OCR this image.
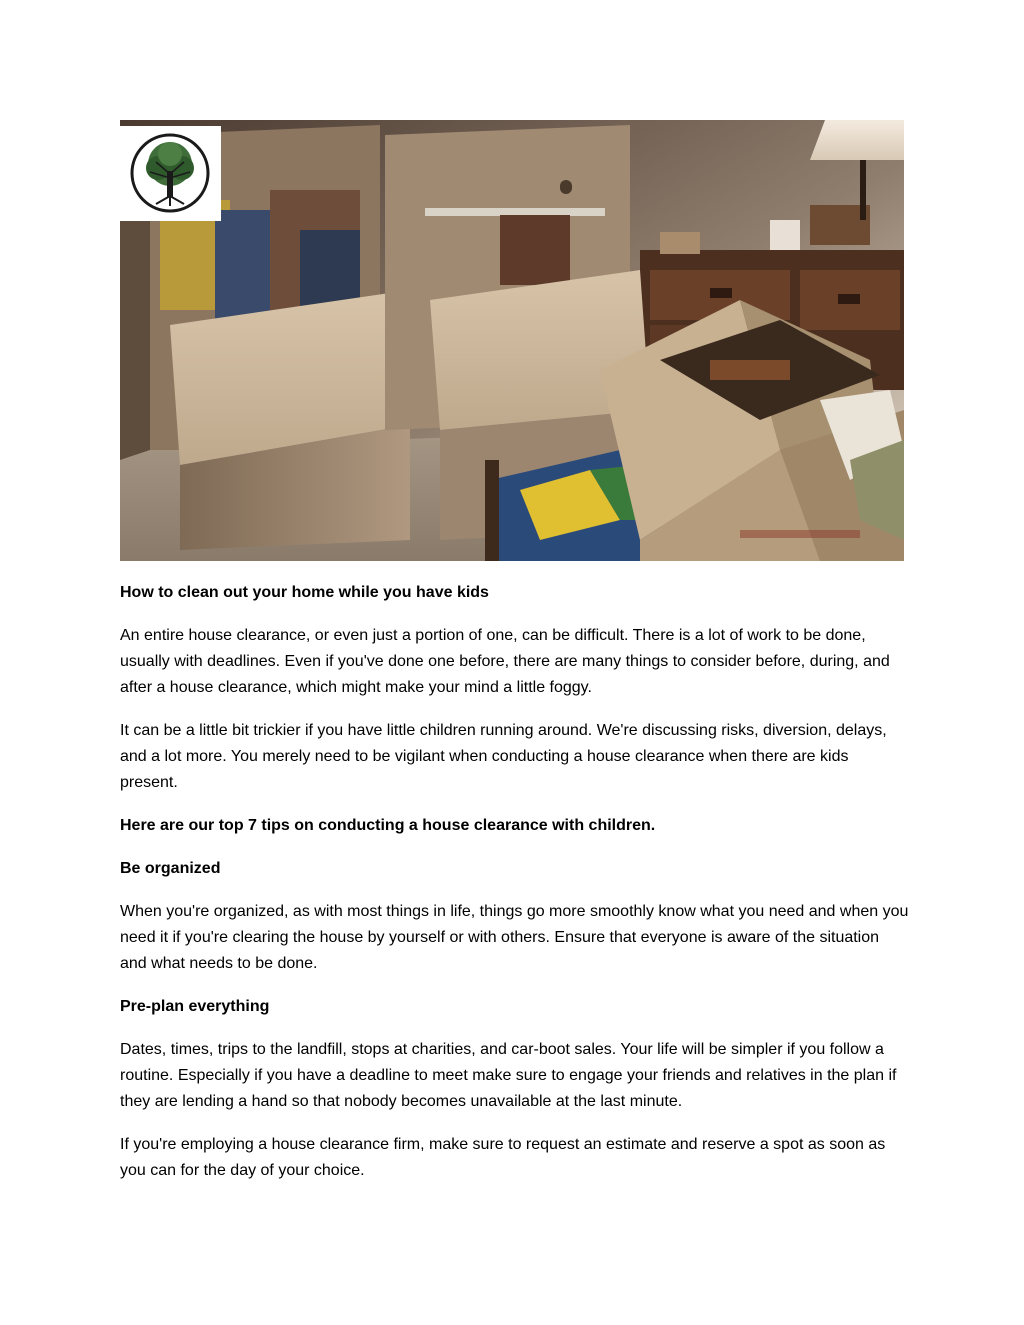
How to clean out your home while you have kids

An entire house clearance, or even just a portion of one, can be difficult. There is a lot of work to be done, usually with deadlines. Even if you've done one before, there are many things to consider before, during, and after a house clearance, which might make your mind a little foggy.

It can be a little bit trickier if you have little children running around. We're discussing risks, diversion, delays, and a lot more. You merely need to be vigilant when conducting a house clearance when there are kids present.

Here are our top 7 tips on conducting a house clearance with children.

Be organized

When you're organized, as with most things in life, things go more smoothly know what you need and when you need it if you're clearing the house by yourself or with others. Ensure that everyone is aware of the situation and what needs to be done.

Pre-plan everything

Dates, times, trips to the landfill, stops at charities, and car-boot sales. Your life will be simpler if you follow a routine. Especially if you have a deadline to meet make sure to engage your friends and relatives in the plan if they are lending a hand so that nobody becomes unavailable at the last minute.

If you're employing a house clearance firm, make sure to request an estimate and reserve a spot as soon as you can for the day of your choice.
